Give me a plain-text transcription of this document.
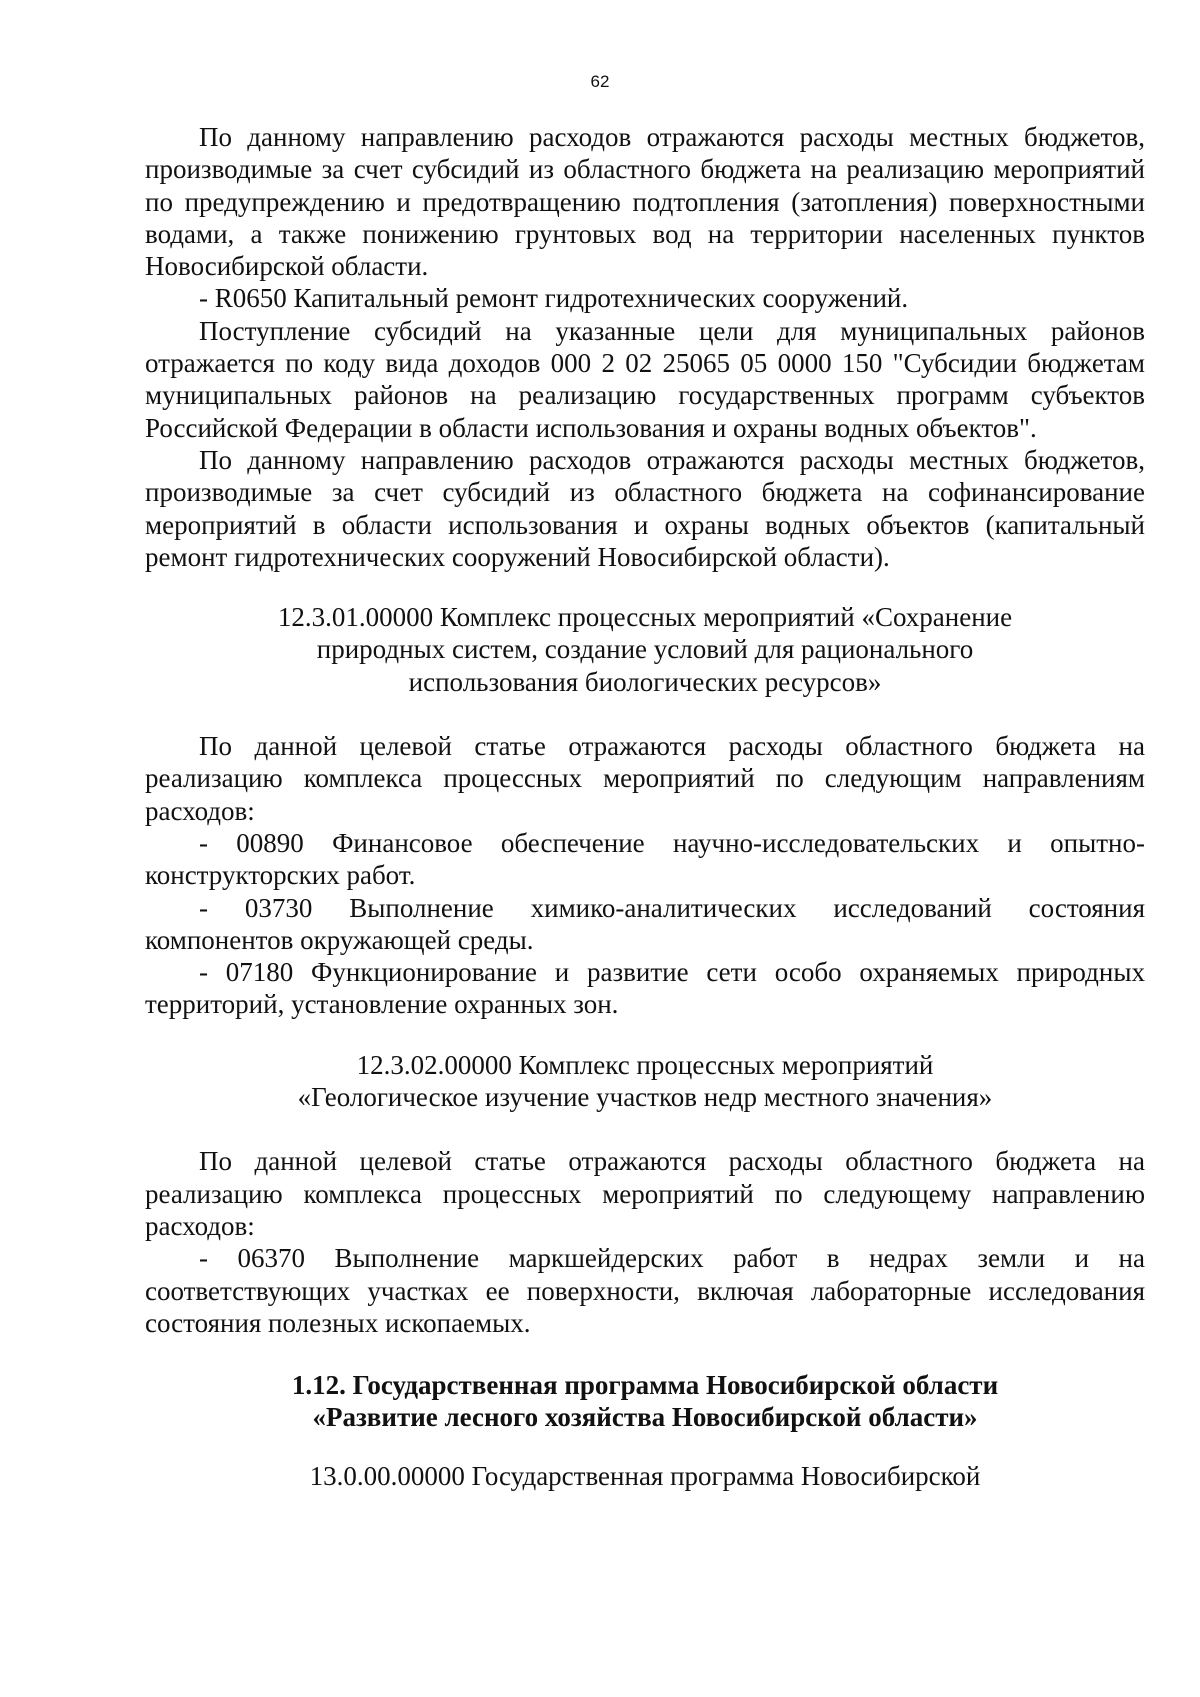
62

По данному направлению расходов отражаются расходы местных бюджетов, производимые за счет субсидий из областного бюджета на реализацию мероприятий по предупреждению и предотвращению подтопления (затопления) поверхностными водами, а также понижению грунтовых вод на территории населенных пунктов Новосибирской области.

- R0650 Капитальный ремонт гидротехнических сооружений.

Поступление субсидий на указанные цели для муниципальных районов отражается по коду вида доходов 000 2 02 25065 05 0000 150 "Субсидии бюджетам муниципальных районов на реализацию государственных программ субъектов Российской Федерации в области использования и охраны водных объектов".

По данному направлению расходов отражаются расходы местных бюджетов, производимые за счет субсидий из областного бюджета на софинансирование мероприятий в области использования и охраны водных объектов (капитальный ремонт гидротехнических сооружений Новосибирской области).

12.3.01.00000 Комплекс процессных мероприятий «Сохранение
природных систем, создание условий для рационального
использования биологических ресурсов»

По данной целевой статье отражаются расходы областного бюджета на реализацию комплекса процессных мероприятий по следующим направлениям расходов:

- 00890 Финансовое обеспечение научно-исследовательских и опытно-конструкторских работ.

- 03730 Выполнение химико-аналитических исследований состояния компонентов окружающей среды.

- 07180 Функционирование и развитие сети особо охраняемых природных территорий, установление охранных зон.

12.3.02.00000 Комплекс процессных мероприятий
«Геологическое изучение участков недр местного значения»

По данной целевой статье отражаются расходы областного бюджета на реализацию комплекса процессных мероприятий по следующему направлению расходов:

- 06370 Выполнение маркшейдерских работ в недрах земли и на соответствующих участках ее поверхности, включая лабораторные исследования состояния полезных ископаемых.

1.12. Государственная программа Новосибирской области
«Развитие лесного хозяйства Новосибирской области»
13.0.00.00000 Государственная программа Новосибирской
